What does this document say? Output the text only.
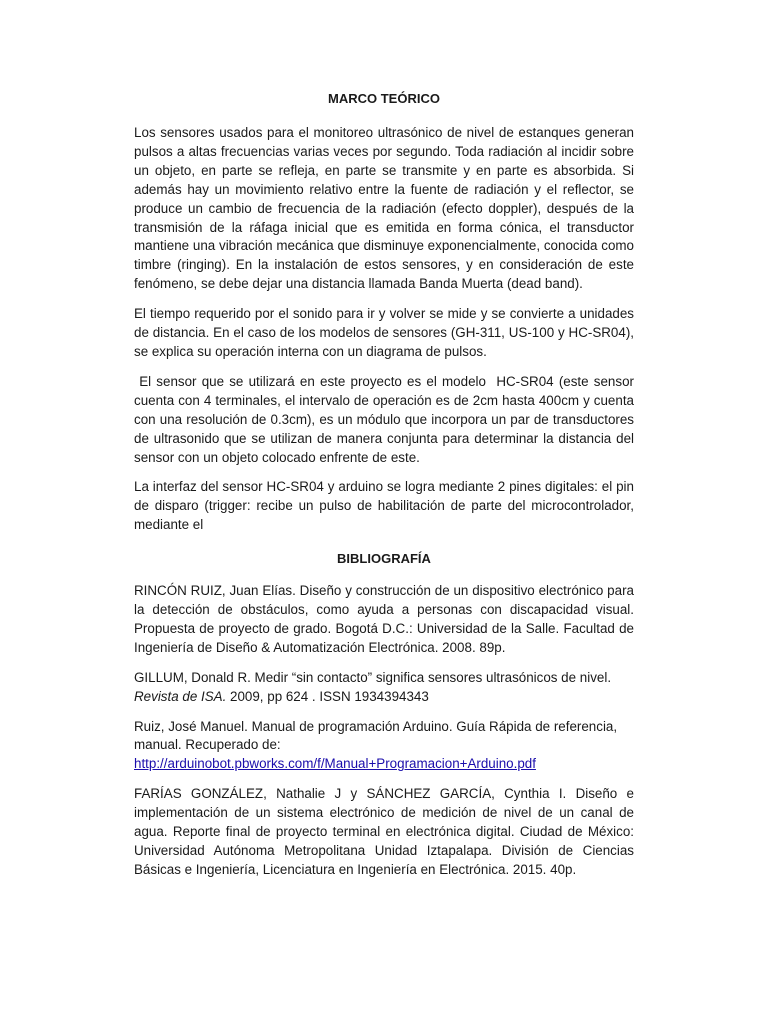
MARCO TEÓRICO

Los sensores usados para el monitoreo ultrasónico de nivel de estanques generan pulsos a altas frecuencias varias veces por segundo. Toda radiación al incidir sobre un objeto, en parte se refleja, en parte se transmite y en parte es absorbida. Si además hay un movimiento relativo entre la fuente de radiación y el reflector, se produce un cambio de frecuencia de la radiación (efecto doppler), después de la transmisión de la ráfaga inicial que es emitida en forma cónica, el transductor mantiene una vibración mecánica que disminuye exponencialmente, conocida como timbre (ringing). En la instalación de estos sensores, y en consideración de este fenómeno, se debe dejar una distancia llamada Banda Muerta (dead band).

El tiempo requerido por el sonido para ir y volver se mide y se convierte a unidades de distancia. En el caso de los modelos de sensores (GH-311, US-100 y HC-SR04), se explica su operación interna con un diagrama de pulsos.

El sensor que se utilizará en este proyecto es el modelo  HC-SR04 (este sensor cuenta con 4 terminales, el intervalo de operación es de 2cm hasta 400cm y cuenta con una resolución de 0.3cm), es un módulo que incorpora un par de transductores de ultrasonido que se utilizan de manera conjunta para determinar la distancia del sensor con un objeto colocado enfrente de este.

La interfaz del sensor HC-SR04 y arduino se logra mediante 2 pines digitales: el pin de disparo (trigger: recibe un pulso de habilitación de parte del microcontrolador, mediante el

BIBLIOGRAFÍA

RINCÓN RUIZ, Juan Elías. Diseño y construcción de un dispositivo electrónico para la detección de obstáculos, como ayuda a personas con discapacidad visual. Propuesta de proyecto de grado. Bogotá D.C.: Universidad de la Salle. Facultad de Ingeniería de Diseño & Automatización Electrónica. 2008. 89p.

GILLUM, Donald R. Medir “sin contacto” significa sensores ultrasónicos de nivel. Revista de ISA. 2009, pp 624 . ISSN 1934394343

Ruiz, José Manuel. Manual de programación Arduino. Guía Rápida de referencia, manual. Recuperado de: http://arduinobot.pbworks.com/f/Manual+Programacion+Arduino.pdf

FARÍAS GONZÁLEZ, Nathalie J y SÁNCHEZ GARCÍA, Cynthia I. Diseño e implementación de un sistema electrónico de medición de nivel de un canal de agua. Reporte final de proyecto terminal en electrónica digital. Ciudad de México: Universidad Autónoma Metropolitana Unidad Iztapalapa. División de Ciencias Básicas e Ingeniería, Licenciatura en Ingeniería en Electrónica. 2015. 40p.
